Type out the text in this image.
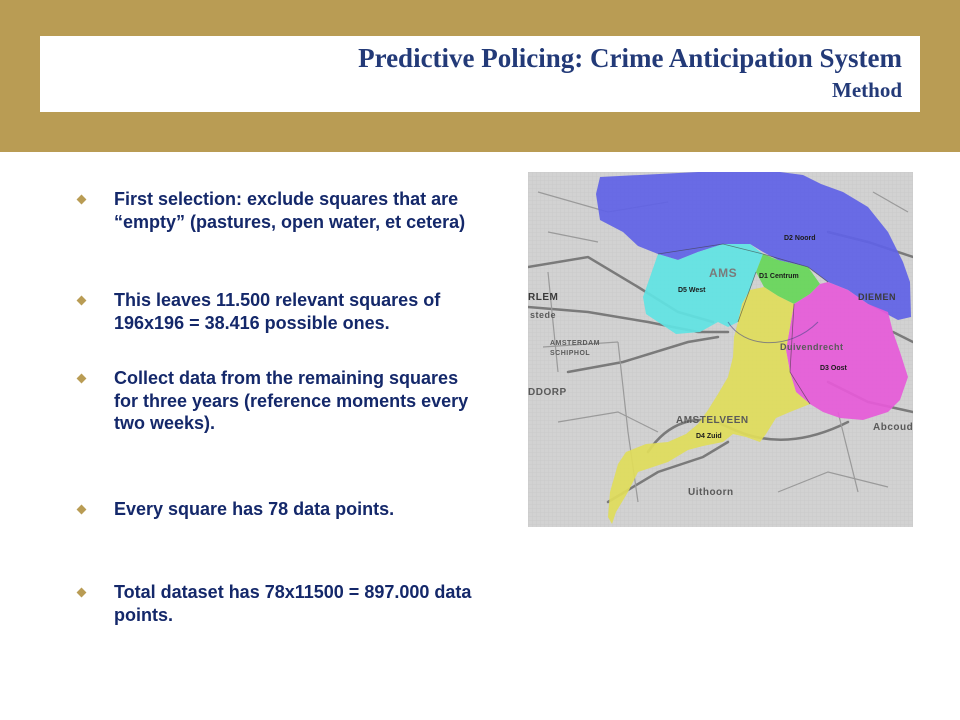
Predictive Policing: Crime Anticipation System
Method
First selection: exclude squares that are “empty” (pastures, open water, et cetera)
This leaves 11.500 relevant squares of 196x196 = 38.416 possible ones.
Collect data from the remaining squares for three years (reference moments every two weeks).
Every square has 78 data points.
Total dataset has 78x11500 = 897.000 data points.
D2 Noord
D1 Centrum
D5 West
D3 Oost
D4 Zuid
AMS
RLEM
stede
AMSTERDAM
SCHIPHOL
DDORP
AMSTELVEEN
Uithoorn
DIEMEN
Duivendrecht
Abcoud
